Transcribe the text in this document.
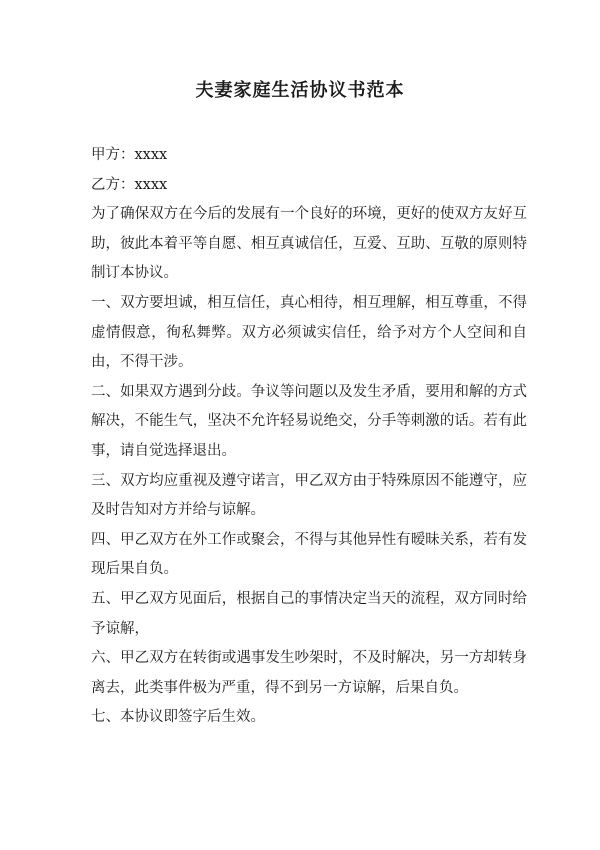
夫妻家庭生活协议书范本

甲方：xxxx

乙方：xxxx

为了确保双方在今后的发展有一个良好的环境，更好的使双方友好互助，彼此本着平等自愿、相互真诚信任，互爱、互助、互敬的原则特制订本协议。

一、双方要坦诚，相互信任，真心相待，相互理解，相互尊重，不得虚情假意，徇私舞弊。双方必须诚实信任，给予对方个人空间和自由，不得干涉。

二、如果双方遇到分歧。争议等问题以及发生矛盾，要用和解的方式解决，不能生气，坚决不允许轻易说绝交，分手等刺激的话。若有此事，请自觉选择退出。

三、双方均应重视及遵守诺言，甲乙双方由于特殊原因不能遵守，应及时告知对方并给与谅解。

四、甲乙双方在外工作或聚会，不得与其他异性有暧昧关系，若有发现后果自负。

五、甲乙双方见面后，根据自己的事情决定当天的流程，双方同时给予谅解，

六、甲乙双方在转街或遇事发生吵架时，不及时解决，另一方却转身离去，此类事件极为严重，得不到另一方谅解，后果自负。

七、本协议即签字后生效。
